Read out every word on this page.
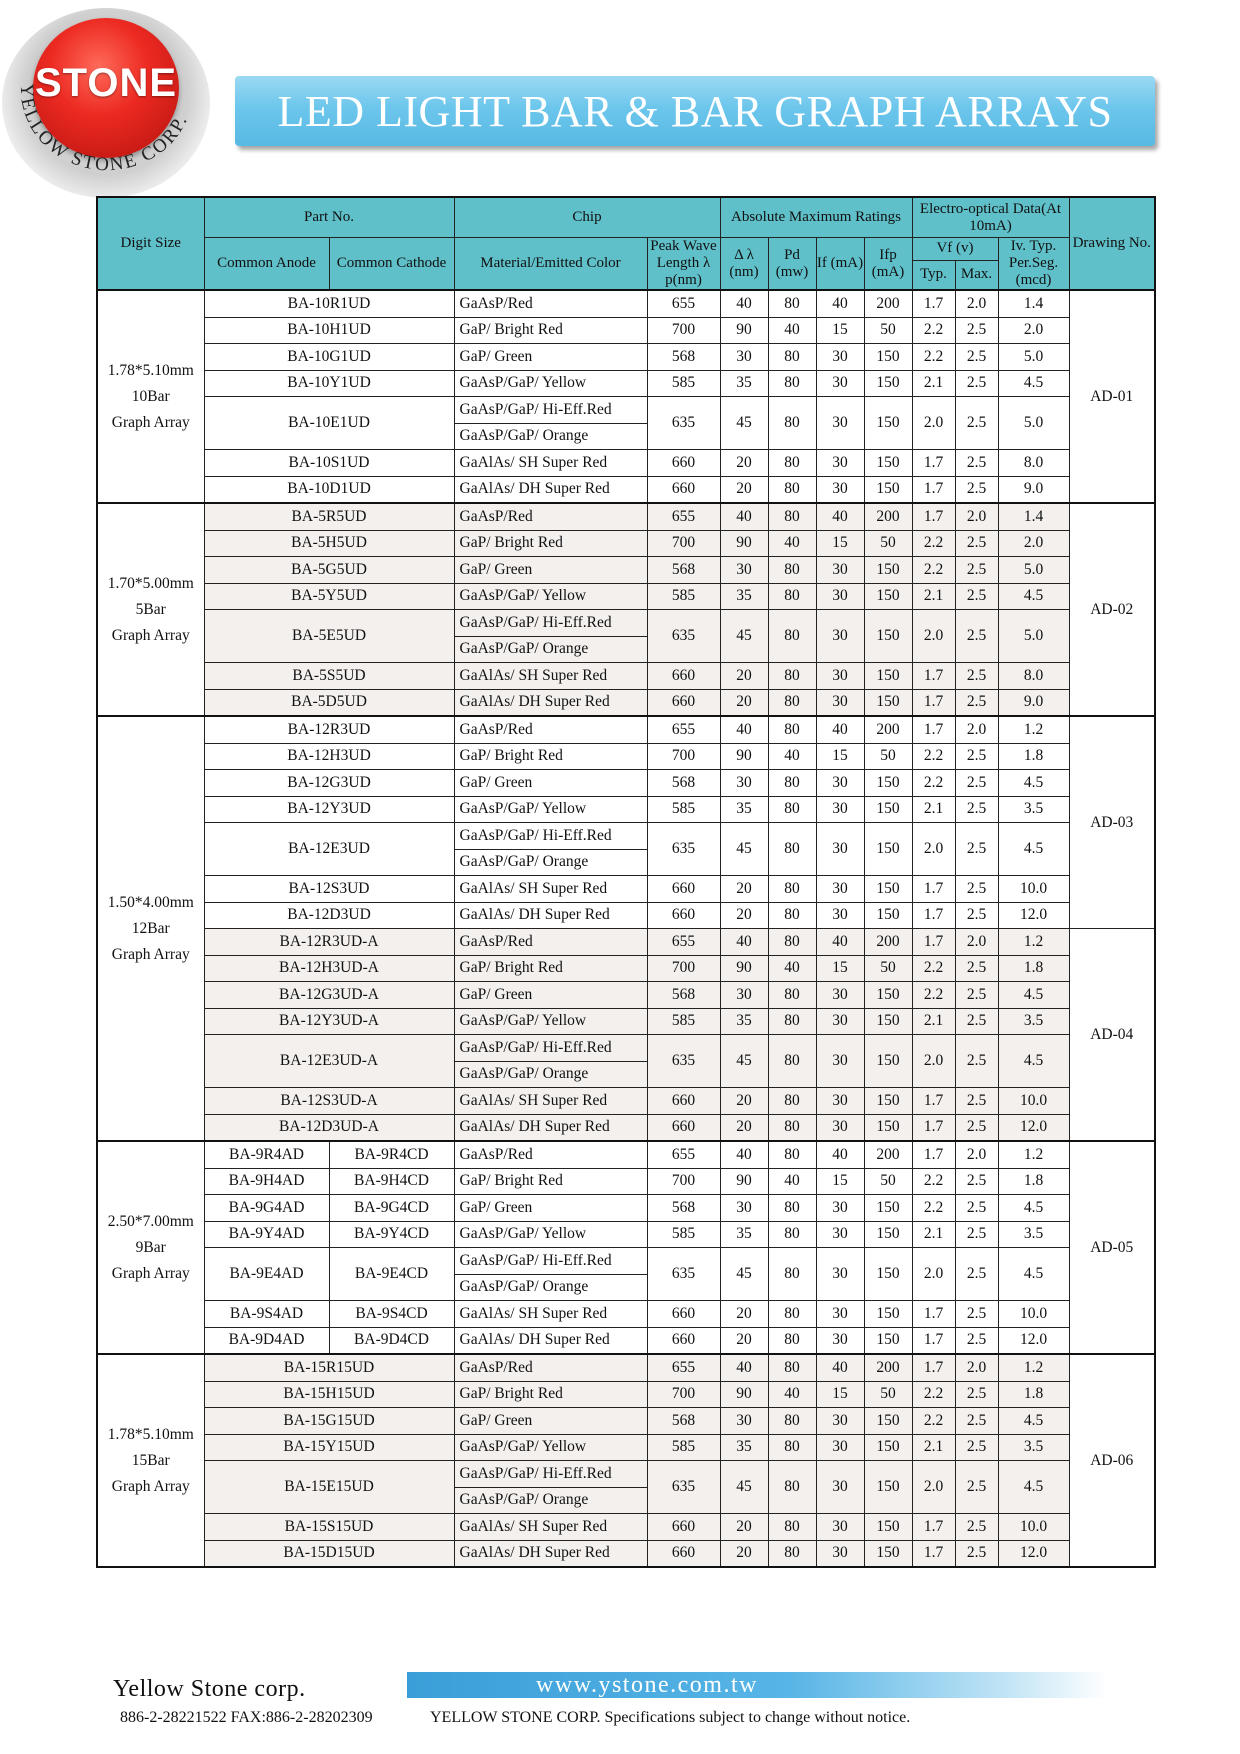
STONE
YELLOW STONE CORP.	LED LIGHT BAR & BAR GRAPH ARRAYS
Digit Size	Part No.		Chip		Absolute Maximum Ratings				Electro-optical Data(At 10mA)			Drawing No.
	Common Anode	Common Cathode	Material/Emitted Color	Peak Wave Length λ p(nm)	Δ λ (nm)	Pd (mw)	If (mA)	Ifp (mA)	Vf (v)		Iv. Typ. Per.Seg. (mcd)	
									Typ.	Max.		

1.78*5.10mm
10Bar
Graph Array	BA-10R1UD		GaAsP/Red	655	40	80	40	200	1.7	2.0	1.4	AD-01
	BA-10H1UD		GaP/ Bright Red	700	90	40	15	50	2.2	2.5	2.0	
	BA-10G1UD		GaP/ Green	568	30	80	30	150	2.2	2.5	5.0	
	BA-10Y1UD		GaAsP/GaP/ Yellow	585	35	80	30	150	2.1	2.5	4.5	
	BA-10E1UD		GaAsP/GaP/ Hi-Eff.Red	635	45	80	30	150	2.0	2.5	5.0	
			GaAsP/GaP/ Orange									
	BA-10S1UD		GaAlAs/ SH Super Red	660	20	80	30	150	1.7	2.5	8.0	
	BA-10D1UD		GaAlAs/ DH Super Red	660	20	80	30	150	1.7	2.5	9.0	

1.70*5.00mm
5Bar
Graph Array	BA-5R5UD		GaAsP/Red	655	40	80	40	200	1.7	2.0	1.4	AD-02
	BA-5H5UD		GaP/ Bright Red	700	90	40	15	50	2.2	2.5	2.0	
	BA-5G5UD		GaP/ Green	568	30	80	30	150	2.2	2.5	5.0	
	BA-5Y5UD		GaAsP/GaP/ Yellow	585	35	80	30	150	2.1	2.5	4.5	
	BA-5E5UD		GaAsP/GaP/ Hi-Eff.Red	635	45	80	30	150	2.0	2.5	5.0	
			GaAsP/GaP/ Orange									
	BA-5S5UD		GaAlAs/ SH Super Red	660	20	80	30	150	1.7	2.5	8.0	
	BA-5D5UD		GaAlAs/ DH Super Red	660	20	80	30	150	1.7	2.5	9.0	

1.50*4.00mm
12Bar
Graph Array	BA-12R3UD		GaAsP/Red	655	40	80	40	200	1.7	2.0	1.2	AD-03
	BA-12H3UD		GaP/ Bright Red	700	90	40	15	50	2.2	2.5	1.8	
	BA-12G3UD		GaP/ Green	568	30	80	30	150	2.2	2.5	4.5	
	BA-12Y3UD		GaAsP/GaP/ Yellow	585	35	80	30	150	2.1	2.5	3.5	
	BA-12E3UD		GaAsP/GaP/ Hi-Eff.Red	635	45	80	30	150	2.0	2.5	4.5	
			GaAsP/GaP/ Orange									
	BA-12S3UD		GaAlAs/ SH Super Red	660	20	80	30	150	1.7	2.5	10.0	
	BA-12D3UD		GaAlAs/ DH Super Red	660	20	80	30	150	1.7	2.5	12.0	
	BA-12R3UD-A		GaAsP/Red	655	40	80	40	200	1.7	2.0	1.2	AD-04
	BA-12H3UD-A		GaP/ Bright Red	700	90	40	15	50	2.2	2.5	1.8	
	BA-12G3UD-A		GaP/ Green	568	30	80	30	150	2.2	2.5	4.5	
	BA-12Y3UD-A		GaAsP/GaP/ Yellow	585	35	80	30	150	2.1	2.5	3.5	
	BA-12E3UD-A		GaAsP/GaP/ Hi-Eff.Red	635	45	80	30	150	2.0	2.5	4.5	
			GaAsP/GaP/ Orange									
	BA-12S3UD-A		GaAlAs/ SH Super Red	660	20	80	30	150	1.7	2.5	10.0	
	BA-12D3UD-A		GaAlAs/ DH Super Red	660	20	80	30	150	1.7	2.5	12.0	

2.50*7.00mm
9Bar
Graph Array	BA-9R4AD	BA-9R4CD	GaAsP/Red	655	40	80	40	200	1.7	2.0	1.2	AD-05
	BA-9H4AD	BA-9H4CD	GaP/ Bright Red	700	90	40	15	50	2.2	2.5	1.8	
	BA-9G4AD	BA-9G4CD	GaP/ Green	568	30	80	30	150	2.2	2.5	4.5	
	BA-9Y4AD	BA-9Y4CD	GaAsP/GaP/ Yellow	585	35	80	30	150	2.1	2.5	3.5	
	BA-9E4AD	BA-9E4CD	GaAsP/GaP/ Hi-Eff.Red	635	45	80	30	150	2.0	2.5	4.5	
			GaAsP/GaP/ Orange									
	BA-9S4AD	BA-9S4CD	GaAlAs/ SH Super Red	660	20	80	30	150	1.7	2.5	10.0	
	BA-9D4AD	BA-9D4CD	GaAlAs/ DH Super Red	660	20	80	30	150	1.7	2.5	12.0	

1.78*5.10mm
15Bar
Graph Array	BA-15R15UD		GaAsP/Red	655	40	80	40	200	1.7	2.0	1.2	AD-06
	BA-15H15UD		GaP/ Bright Red	700	90	40	15	50	2.2	2.5	1.8	
	BA-15G15UD		GaP/ Green	568	30	80	30	150	2.2	2.5	4.5	
	BA-15Y15UD		GaAsP/GaP/ Yellow	585	35	80	30	150	2.1	2.5	3.5	
	BA-15E15UD		GaAsP/GaP/ Hi-Eff.Red	635	45	80	30	150	2.0	2.5	4.5	
			GaAsP/GaP/ Orange									
	BA-15S15UD		GaAlAs/ SH Super Red	660	20	80	30	150	1.7	2.5	10.0	
	BA-15D15UD		GaAlAs/ DH Super Red	660	20	80	30	150	1.7	2.5	12.0	
Yellow Stone corp.	www.ystone.com.tw
886-2-28221522 FAX:886-2-28202309	YELLOW STONE CORP. Specifications subject to change without notice.
